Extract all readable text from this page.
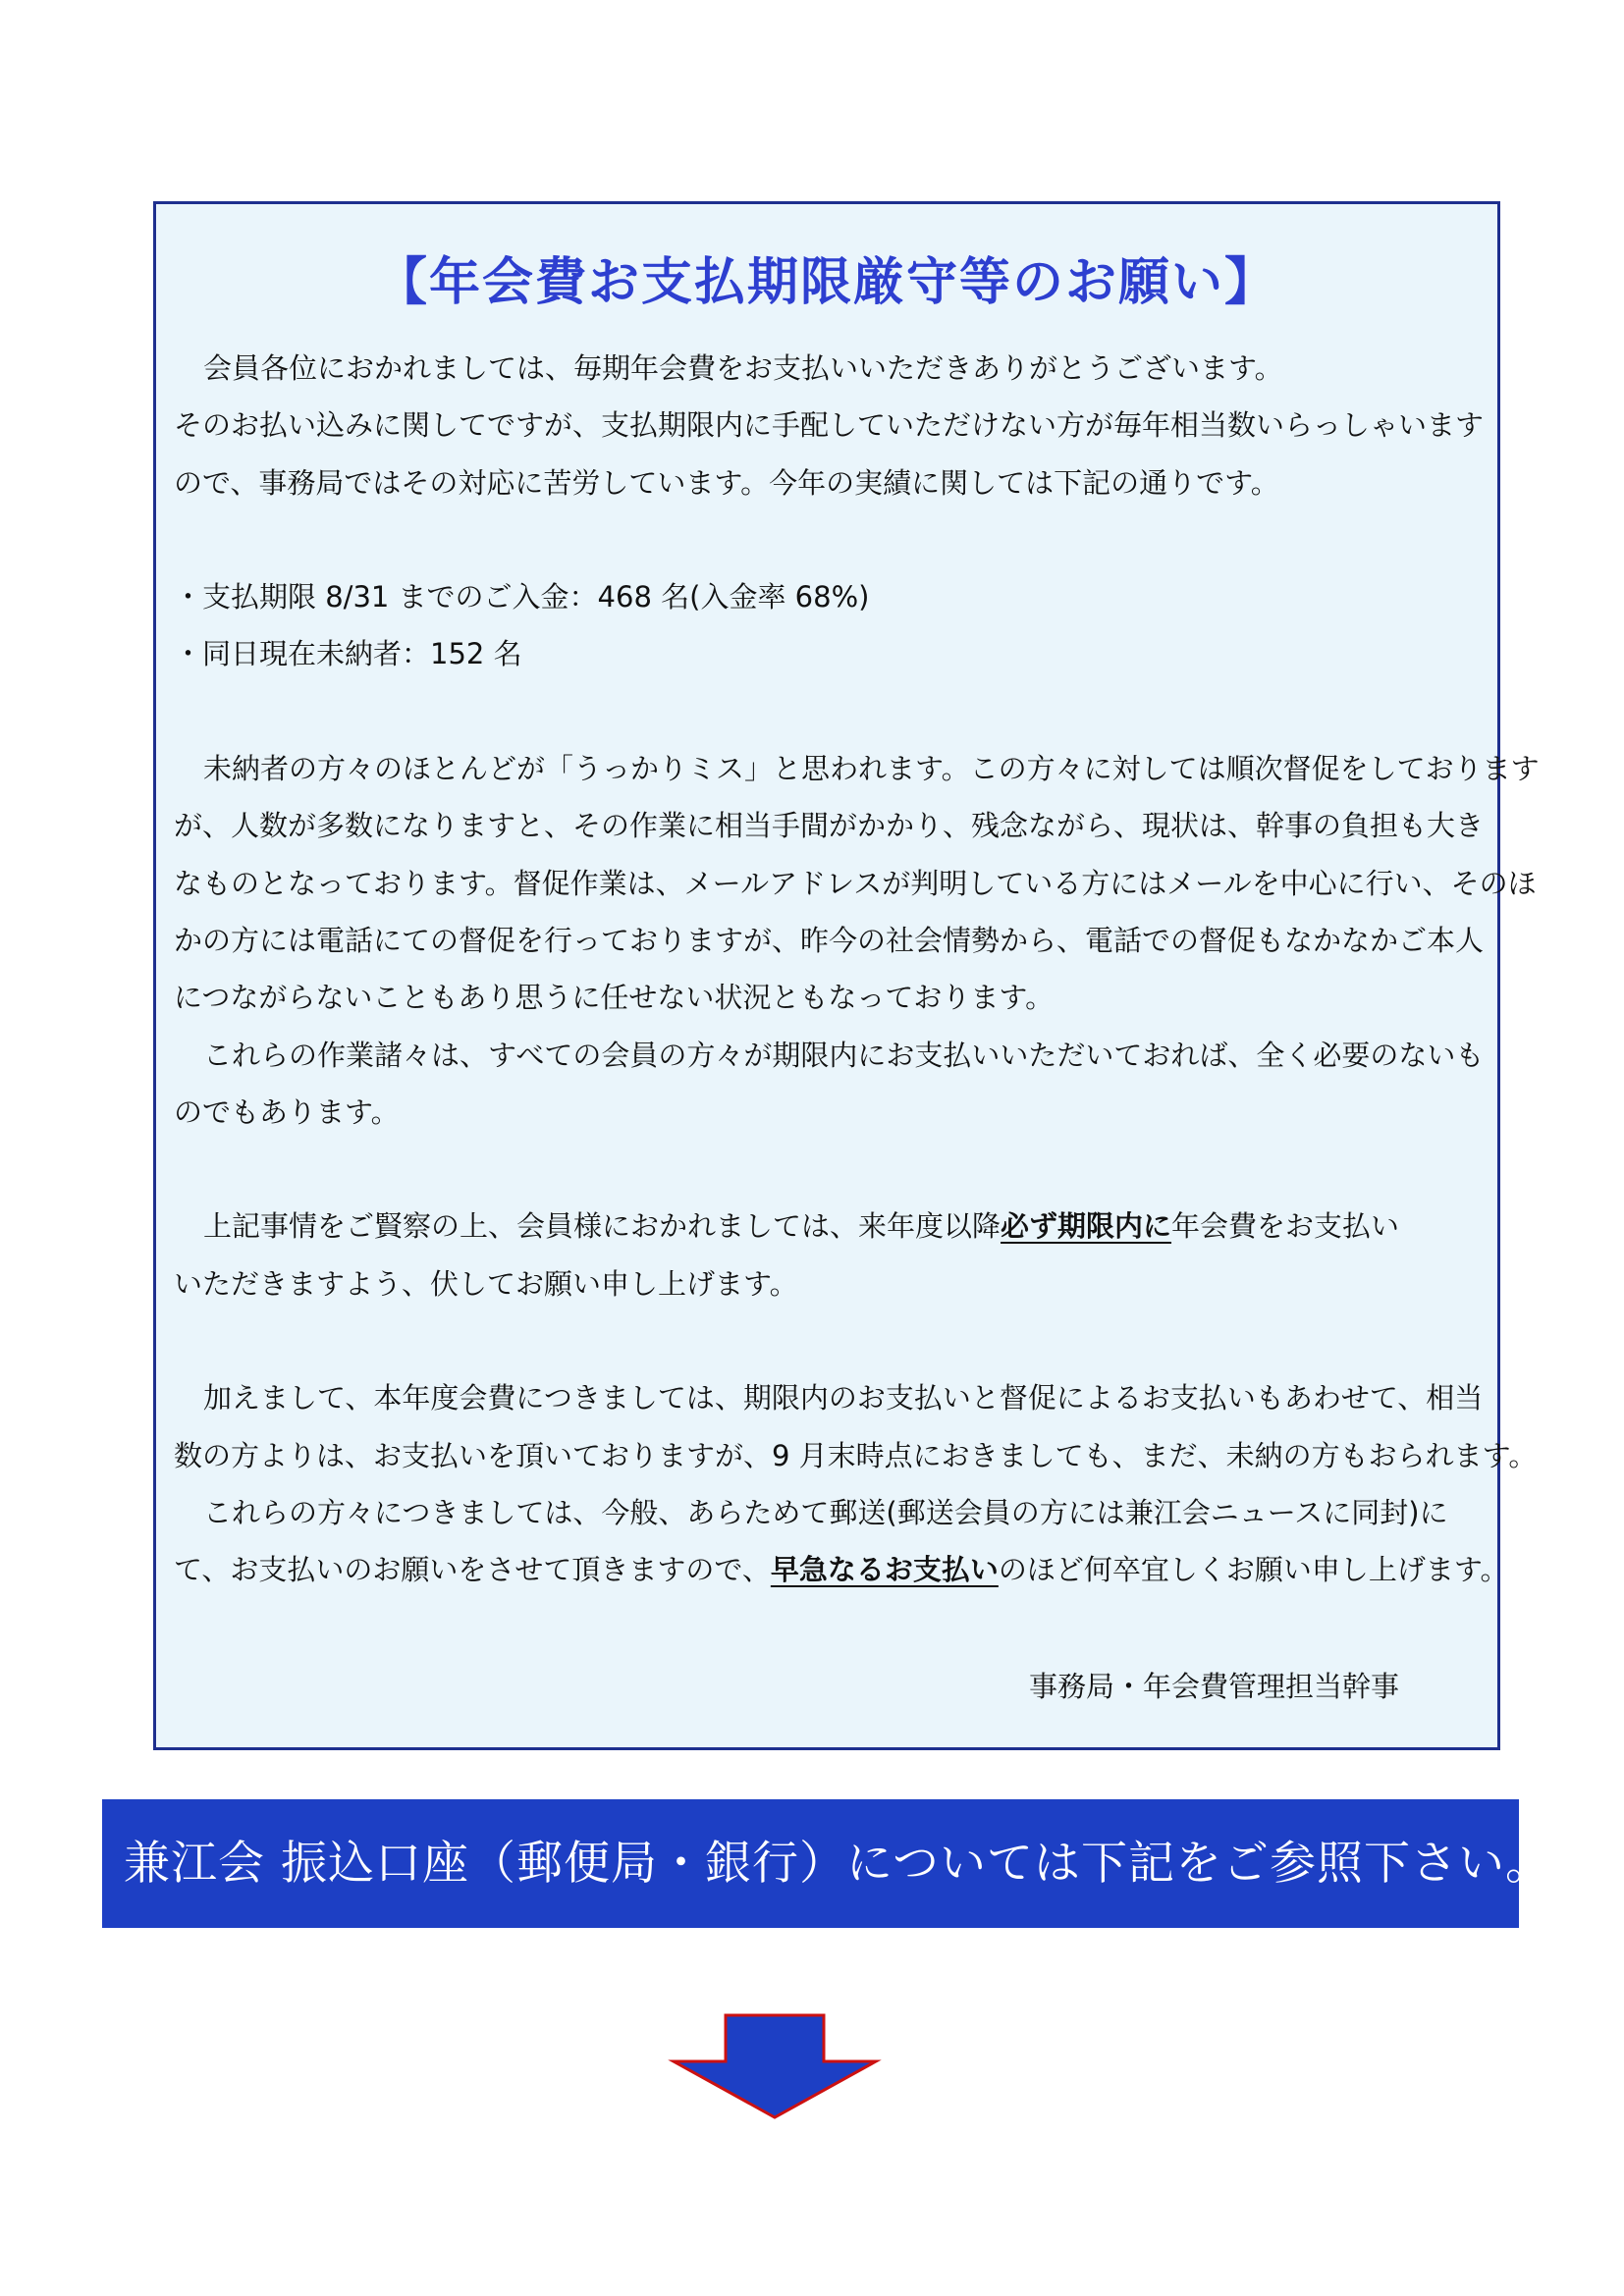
【年会費お支払期限厳守等のお願い】
会員各位におかれましては、毎期年会費をお支払いいただきありがとうございます。
そのお払い込みに関してですが、支払期限内に手配していただけない方が毎年相当数いらっしゃいます
ので、事務局ではその対応に苦労しています。今年の実績に関しては下記の通りです。
・支払期限 8/31 までのご入金：468 名(入金率 68%)
・同日現在未納者：152 名
未納者の方々のほとんどが「うっかりミス」と思われます。この方々に対しては順次督促をしております
が、人数が多数になりますと、その作業に相当手間がかかり、残念ながら、現状は、幹事の負担も大き
なものとなっております。督促作業は、メールアドレスが判明している方にはメールを中心に行い、そのほ
かの方には電話にての督促を行っておりますが、昨今の社会情勢から、電話での督促もなかなかご本人
につながらないこともあり思うに任せない状況ともなっております。
これらの作業諸々は、すべての会員の方々が期限内にお支払いいただいておれば、全く必要のないも
のでもあります。
上記事情をご賢察の上、会員様におかれましては、来年度以降必ず期限内に年会費をお支払い
いただきますよう、伏してお願い申し上げます。
加えまして、本年度会費につきましては、期限内のお支払いと督促によるお支払いもあわせて、相当
数の方よりは、お支払いを頂いておりますが、9 月末時点におきましても、まだ、未納の方もおられます。
これらの方々につきましては、今般、あらためて郵送(郵送会員の方には兼江会ニュースに同封)に
て、お支払いのお願いをさせて頂きますので、早急なるお支払いのほど何卒宜しくお願い申し上げます。
事務局・年会費管理担当幹事
兼江会 振込口座（郵便局・銀行）については下記をご参照下さい。
